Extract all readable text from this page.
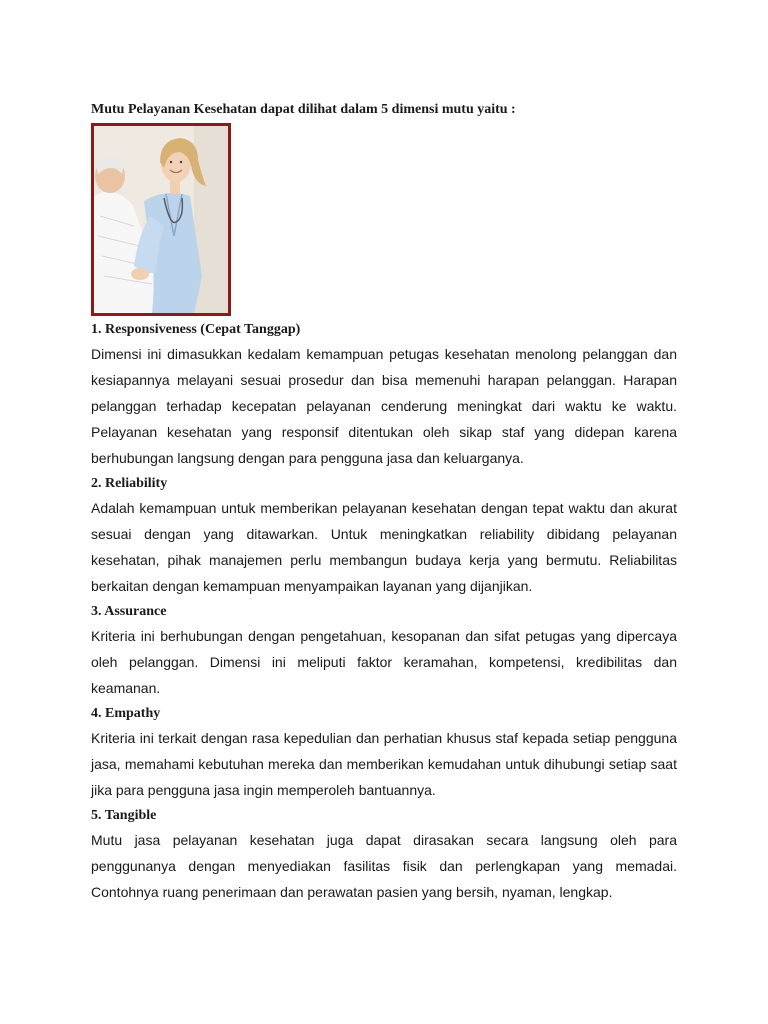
Mutu Pelayanan Kesehatan dapat dilihat dalam 5 dimensi mutu yaitu :

1. Responsiveness (Cepat Tanggap)

Dimensi ini dimasukkan kedalam kemampuan petugas kesehatan menolong pelanggan dan kesiapannya melayani sesuai prosedur dan bisa memenuhi harapan pelanggan. Harapan pelanggan terhadap kecepatan pelayanan cenderung meningkat dari waktu ke waktu. Pelayanan kesehatan yang responsif ditentukan oleh sikap staf yang didepan karena berhubungan langsung dengan para pengguna jasa dan keluarganya.

2. Reliability

Adalah kemampuan untuk memberikan pelayanan kesehatan dengan tepat waktu dan akurat sesuai dengan yang ditawarkan. Untuk meningkatkan reliability dibidang pelayanan kesehatan, pihak manajemen perlu membangun budaya kerja yang bermutu. Reliabilitas berkaitan dengan kemampuan menyampaikan layanan yang dijanjikan.

3. Assurance

Kriteria ini berhubungan dengan pengetahuan, kesopanan dan sifat petugas yang dipercaya oleh pelanggan. Dimensi ini meliputi faktor keramahan, kompetensi, kredibilitas dan keamanan.

4. Empathy

Kriteria ini terkait dengan rasa kepedulian dan perhatian khusus staf kepada setiap pengguna jasa, memahami kebutuhan mereka dan memberikan kemudahan untuk dihubungi setiap saat jika para pengguna jasa ingin memperoleh bantuannya.

5. Tangible

Mutu jasa pelayanan kesehatan juga dapat dirasakan secara langsung oleh para penggunanya dengan menyediakan fasilitas fisik dan perlengkapan yang memadai. Contohnya ruang penerimaan dan perawatan pasien yang bersih, nyaman, lengkap.
